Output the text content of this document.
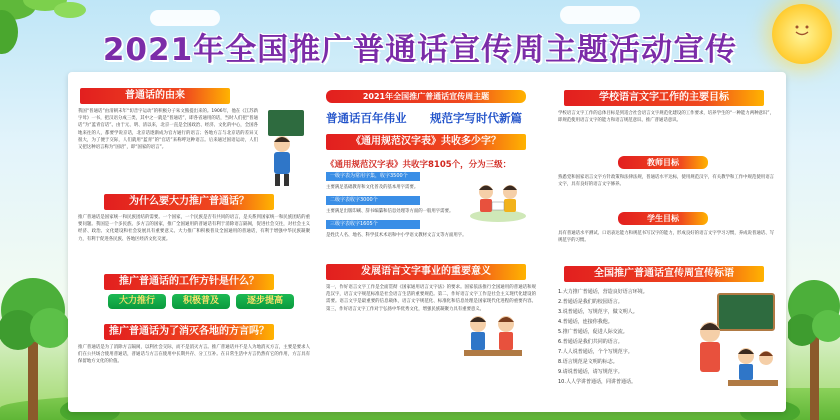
2021年全国推广普通话宣传周主题活动宣传
普通话的由来
我国“普通话”由清朝末年“切音字运动”的积极分子朱文熊提出来的。1906年，他在《江苏新字母》一书，把汉语分成三类，其中之一就是“普通话”，即各省通用的话，当时人们把“普通话”为“蓝青官话”。由于元、明、清以来，北京一直是全国政治、经济、文化的中心，全国各地来往的人，都要学说京话，北京话逐渐成为官方通行的语言；各地方言与北京话的差异又很大，为了便于交际，人们就用“蓝青”的“官话”来称呼这种语言。后来通过国语运动，人们又把这种语言称为“国语”，即“国家的语言”。
为什么要大力推广普通话？
推广普通话是国家统一和民族团结的需要。一个国家，一个民族是否有共同的语言，是关系到国家统一和民族团结的重要问题。我国是一个多民族、多方言的国家，推广全国通用的普通话有利于消除语言隔阂，促进社会交往，对社会主义经济、政治、文化建设和社会发展具有重要意义。大力推广和积极普及全国通用的普通话，有利于增强中华民族凝聚力，有利于促进各民族、各地区经济文化交流。
推广普通话的工作方针是什么？
大力推行	积极普及	逐步提高
推广普通话为了消灭各地的方言吗？
推广普通话是为了消除方言隔阂，以利社会交际，而不是消灭方言。推广普通话并不是人为地消灭方言，主要是要求人们在公共场合使用普通话，普通话与方言在使用中长期共存、分工互补。在日常生活中方言仍然有它的作用，方言具有保留地方文化的价值。
2021年全国推广普通话宣传周主题
普通话百年伟业 规范字写时代新篇
《通用规范汉字表》共收多少字？
《通用规范汉字表》共收字8105个，分为三级：
一级字表为常用字集，收字3500个
主要满足基础教育和文化普及的基本用字需要。
二级字表收字3000个
主要满足出版印刷、辞书编纂和信息处理等方面的一般用字需要。
三级字表收字1605个
是姓氏人名、地名、科学技术术语和中小学语文教材文言文等方面用字。
发展语言文字事业的重要意义
第一，作好语言文字工作是全面贯彻《国家通用语言文字法》的要求。国家依法推行全国通用的普通话和规范汉字，语言文字规范标准是社会语言生活的重要规范。第二，作好语言文字工作是社会主义现代化建设的需要。语言文字是最重要的信息载体，语言文字规范化、标准化和信息处理是国家现代化进程的重要内容。第三，作好语言文字工作对于弘扬中华优秀文化，增强民族凝聚力具有重要意义。
学校语言文字工作的主要目标
学校语言文字工作的总体目标是到适合社会语言文字规范化建设的工作要求，培养学生的“一种能力两种意识”，即规范使用语言文字的能力和语言规范意识、推广普通话意识。
教师目标
熟悉党和国家语言文字方针政策和法律法规，普通话水平达标，使用规范汉字，有关教学和工作中规范使用语言文字，具有良好的语言文字修养。
学生目标
具有普通话水平测试、口语表达能力和规范书写汉字的能力，形成良好的语言文字学习习惯，养成说普通话、写规范字的习惯。
全国推广普通话宣传周宣传标语
1.大力推广普通话，营造良好语言环境。
2.普通话是我们的校园语言。
3.说普通话，写规范字，做文明人。
4.普通话，连接你我他。
5.推广普通话，促进人际交流。
6.普通话是我们共同的语言。
7.人人说普通话，个个写规范字。
8.语言规范是文明的标志。
9.请说普通话，请写规范字。
10.人人学讲普通话，同讲普通话。
